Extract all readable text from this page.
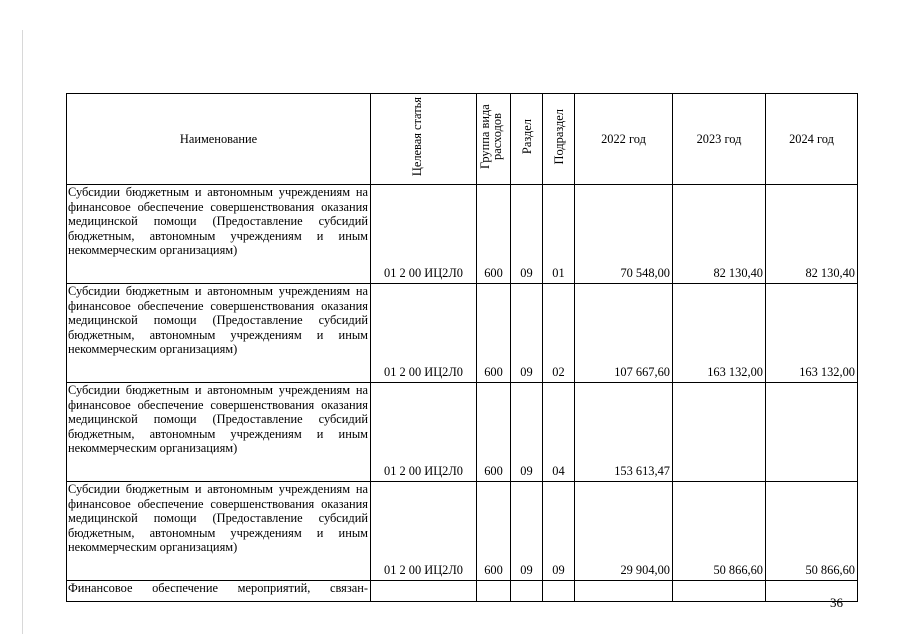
Наименование	Целевая статья	Группа вида расходов	Раздел	Подраздел	2022 год	2023 год	2024 год
Субсидии бюджетным и автономным учреждениям на финансовое обеспечение совершенствования оказания медицинской помощи (Предоставление субсидий бюджетным, автономным учреждениям и иным некоммерческим организациям)	01 2 00 ИЦ2Л0	600	09	01	70 548,00	82 130,40	82 130,40
Субсидии бюджетным и автономным учреждениям на финансовое обеспечение совершенствования оказания медицинской помощи (Предоставление субсидий бюджетным, автономным учреждениям и иным некоммерческим организациям)	01 2 00 ИЦ2Л0	600	09	02	107 667,60	163 132,00	163 132,00
Субсидии бюджетным и автономным учреждениям на финансовое обеспечение совершенствования оказания медицинской помощи (Предоставление субсидий бюджетным, автономным учреждениям и иным некоммерческим организациям)	01 2 00 ИЦ2Л0	600	09	04	153 613,47		
Субсидии бюджетным и автономным учреждениям на финансовое обеспечение совершенствования оказания медицинской помощи (Предоставление субсидий бюджетным, автономным учреждениям и иным некоммерческим организациям)	01 2 00 ИЦ2Л0	600	09	09	29 904,00	50 866,60	50 866,60
Финансовое обеспечение мероприятий, связан-							
36
